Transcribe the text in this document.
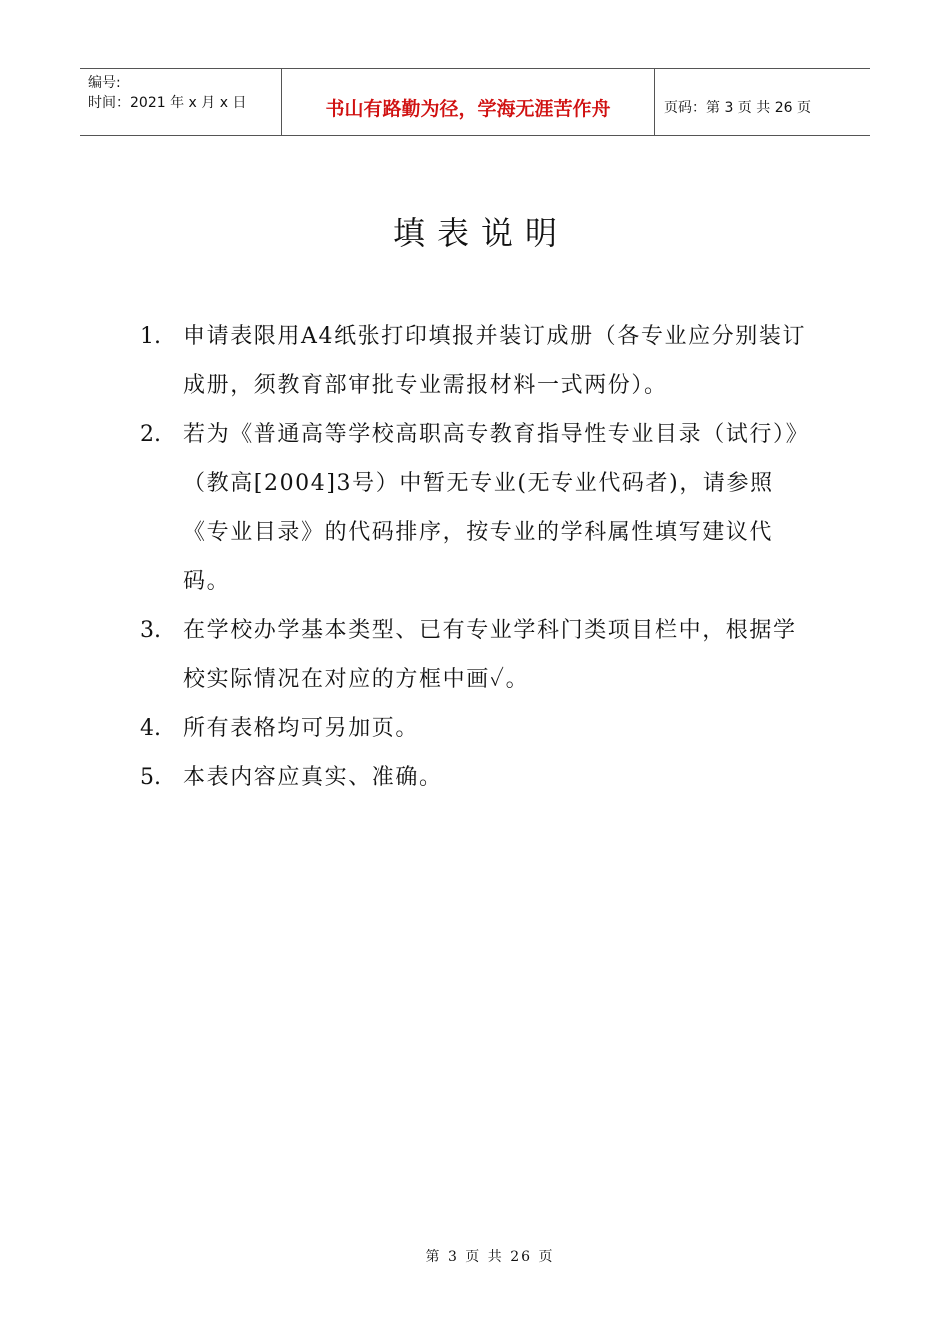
编号:
时间：2021 年 x 月 x 日	书山有路勤为径，学海无涯苦作舟	页码：第 3 页 共 26 页
填表说明
1.	申请表限用A4纸张打印填报并装订成册（各专业应分别装订成册，须教育部审批专业需报材料一式两份）。
2.	若为《普通高等学校高职高专教育指导性专业目录（试行）》（教高[2004]3号）中暂无专业(无专业代码者)，请参照《专业目录》的代码排序，按专业的学科属性填写建议代码。
3.	在学校办学基本类型、已有专业学科门类项目栏中，根据学校实际情况在对应的方框中画✓。
4.	所有表格均可另加页。
5.	本表内容应真实、准确。
第 3 页 共 26 页
